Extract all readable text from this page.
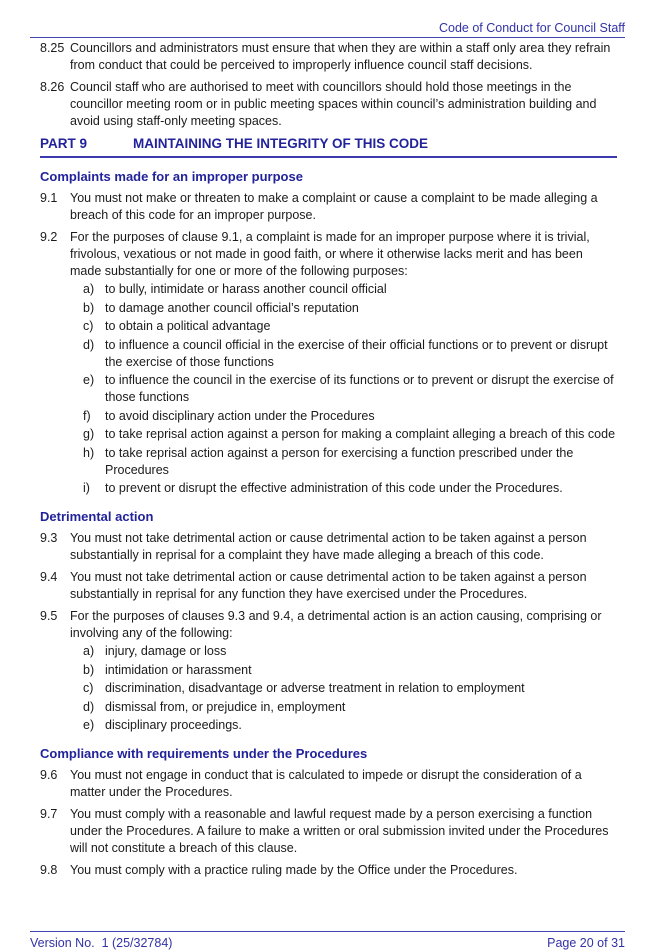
Code of Conduct for Council Staff
8.25 Councillors and administrators must ensure that when they are within a staff only area they refrain from conduct that could be perceived to improperly influence council staff decisions.
8.26 Council staff who are authorised to meet with councillors should hold those meetings in the councillor meeting room or in public meeting spaces within council’s administration building and avoid using staff-only meeting spaces.
PART 9	MAINTAINING THE INTEGRITY OF THIS CODE
Complaints made for an improper purpose
9.1	You must not make or threaten to make a complaint or cause a complaint to be made alleging a breach of this code for an improper purpose.
9.2	For the purposes of clause 9.1, a complaint is made for an improper purpose where it is trivial, frivolous, vexatious or not made in good faith, or where it otherwise lacks merit and has been made substantially for one or more of the following purposes:
a) to bully, intimidate or harass another council official
b) to damage another council official’s reputation
c) to obtain a political advantage
d) to influence a council official in the exercise of their official functions or to prevent or disrupt the exercise of those functions
e) to influence the council in the exercise of its functions or to prevent or disrupt the exercise of those functions
f)	to avoid disciplinary action under the Procedures
g) to take reprisal action against a person for making a complaint alleging a breach of this code
h) to take reprisal action against a person for exercising a function prescribed under the Procedures
i)	to prevent or disrupt the effective administration of this code under the Procedures.
Detrimental action
9.3	You must not take detrimental action or cause detrimental action to be taken against a person substantially in reprisal for a complaint they have made alleging a breach of this code.
9.4	You must not take detrimental action or cause detrimental action to be taken against a person substantially in reprisal for any function they have exercised under the Procedures.
9.5	For the purposes of clauses 9.3 and 9.4, a detrimental action is an action causing, comprising or involving any of the following:
a) injury, damage or loss
b) intimidation or harassment
c) discrimination, disadvantage or adverse treatment in relation to employment
d) dismissal from, or prejudice in, employment
e) disciplinary proceedings.
Compliance with requirements under the Procedures
9.6	You must not engage in conduct that is calculated to impede or disrupt the consideration of a matter under the Procedures.
9.7	You must comply with a reasonable and lawful request made by a person exercising a function under the Procedures. A failure to make a written or oral submission invited under the Procedures will not constitute a breach of this clause.
9.8	You must comply with a practice ruling made by the Office under the Procedures.
Version No.  1 (25/32784)	Page 20 of 31
